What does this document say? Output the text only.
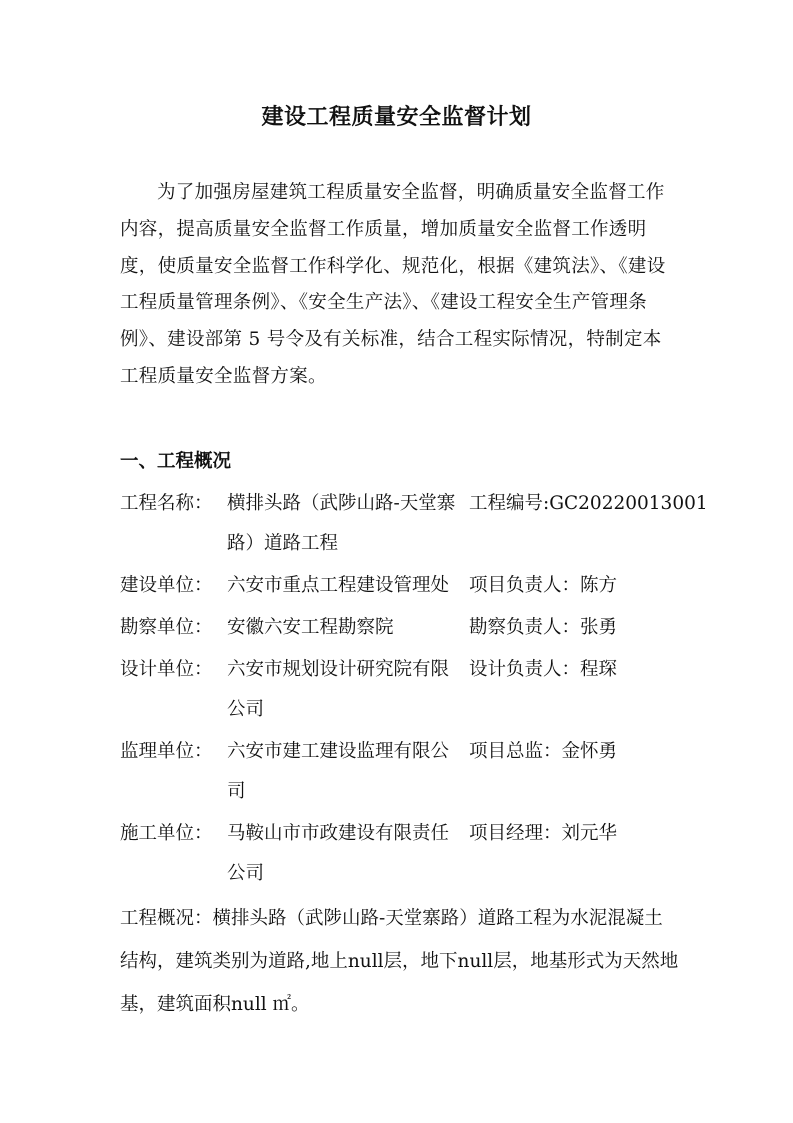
建设工程质量安全监督计划

为了加强房屋建筑工程质量安全监督，明确质量安全监督工作内容，提高质量安全监督工作质量，增加质量安全监督工作透明度，使质量安全监督工作科学化、规范化，根据《建筑法》、《建设工程质量管理条例》、《安全生产法》、《建设工程安全生产管理条例》、建设部第 5 号令及有关标准，结合工程实际情况，特制定本工程质量安全监督方案。

一、工程概况
工程名称： 横排头路（武陟山路-天堂寨路）道路工程
工程编号:GC20220013001
建设单位： 六安市重点工程建设管理处	项目负责人：陈方
勘察单位： 安徽六安工程勘察院	勘察负责人：张勇
设计单位： 六安市规划设计研究院有限公司
设计负责人：程琛
监理单位： 六安市建工建设监理有限公司
项目总监：金怀勇
施工单位： 马鞍山市市政建设有限责任公司
项目经理：刘元华

工程概况：横排头路（武陟山路-天堂寨路）道路工程为水泥混凝土结构，建筑类别为道路,地上null层，地下null层，地基形式为天然地基，建筑面积null ㎡。
